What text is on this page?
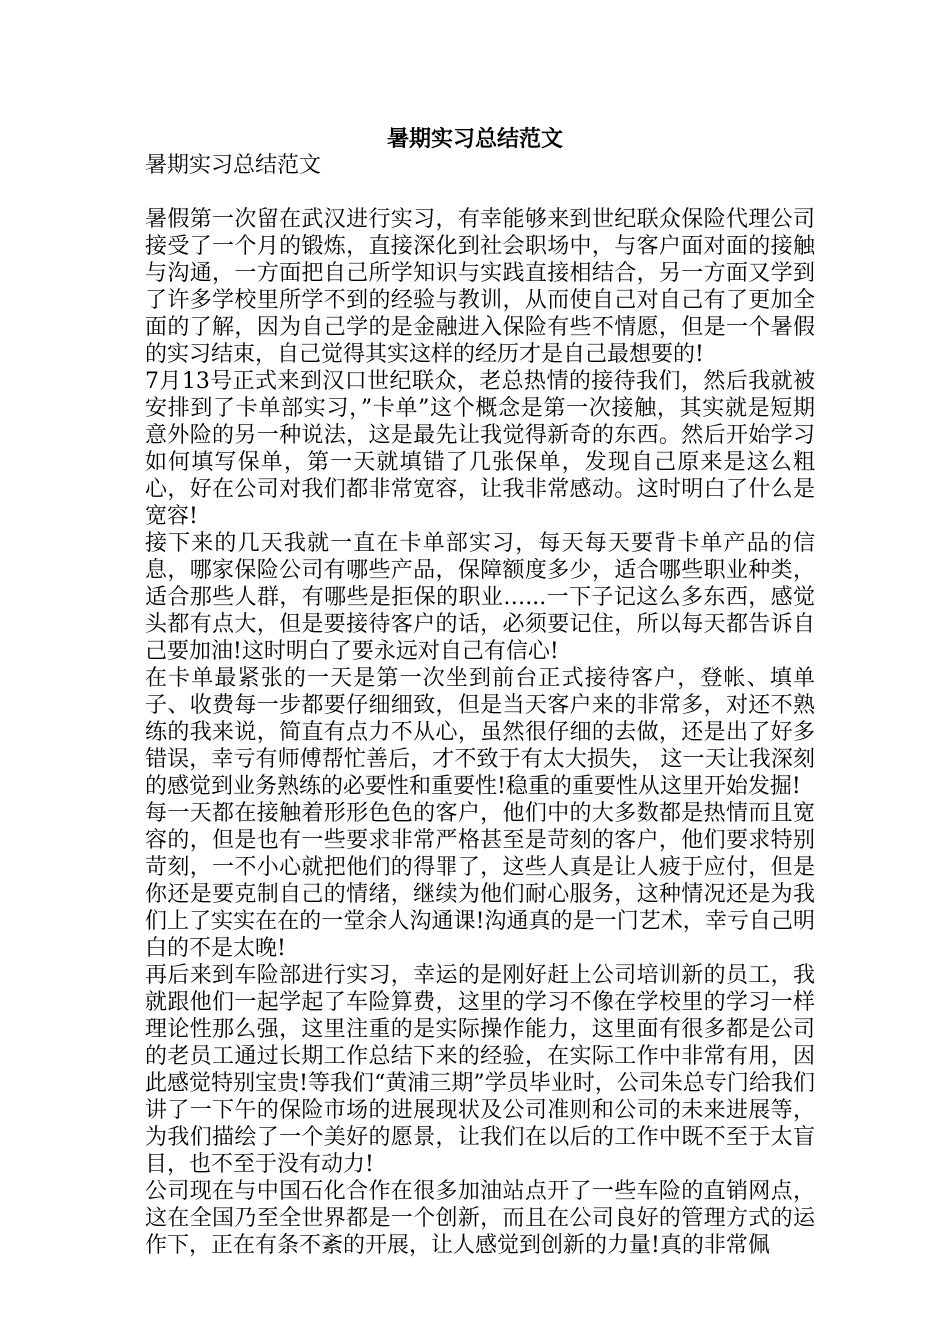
暑期实习总结范文

暑期实习总结范文

暑假第一次留在武汉进行实习，有幸能够来到世纪联众保险代理公司接受了一个月的锻炼，直接深化到社会职场中，与客户面对面的接触与沟通，一方面把自己所学知识与实践直接相结合，另一方面又学到了许多学校里所学不到的经验与教训，从而使自己对自己有了更加全面的了解，因为自己学的是金融进入保险有些不情愿，但是一个暑假的实习结束，自己觉得其实这样的经历才是自己最想要的!

7月13号正式来到汉口世纪联众，老总热情的接待我们，然后我就被安排到了卡单部实习，”卡单”这个概念是第一次接触，其实就是短期意外险的另一种说法，这是最先让我觉得新奇的东西。然后开始学习如何填写保单，第一天就填错了几张保单，发现自己原来是这么粗心，好在公司对我们都非常宽容，让我非常感动。这时明白了什么是宽容!

接下来的几天我就一直在卡单部实习，每天每天要背卡单产品的信息，哪家保险公司有哪些产品，保障额度多少，适合哪些职业种类，适合那些人群，有哪些是拒保的职业…...一下子记这么多东西，感觉头都有点大，但是要接待客户的话，必须要记住，所以每天都告诉自己要加油!这时明白了要永远对自己有信心!

在卡单最紧张的一天是第一次坐到前台正式接待客户，登帐、填单子、收费每一步都要仔细细致，但是当天客户来的非常多，对还不熟练的我来说，简直有点力不从心，虽然很仔细的去做，还是出了好多错误，幸亏有师傅帮忙善后，才不致于有太大损失， 这一天让我深刻的感觉到业务熟练的必要性和重要性!稳重的重要性从这里开始发掘!

每一天都在接触着形形色色的客户，他们中的大多数都是热情而且宽容的，但是也有一些要求非常严格甚至是苛刻的客户，他们要求特别苛刻，一不小心就把他们的得罪了，这些人真是让人疲于应付，但是你还是要克制自己的情绪，继续为他们耐心服务，这种情况还是为我们上了实实在在的一堂余人沟通课!沟通真的是一门艺术，幸亏自己明白的不是太晚!

再后来到车险部进行实习，幸运的是刚好赶上公司培训新的员工，我就跟他们一起学起了车险算费，这里的学习不像在学校里的学习一样理论性那么强，这里注重的是实际操作能力，这里面有很多都是公司的老员工通过长期工作总结下来的经验，在实际工作中非常有用，因此感觉特别宝贵!等我们“黄浦三期”学员毕业时，公司朱总专门给我们讲了一下午的保险市场的进展现状及公司准则和公司的未来进展等，为我们描绘了一个美好的愿景，让我们在以后的工作中既不至于太盲目，也不至于没有动力!

公司现在与中国石化合作在很多加油站点开了一些车险的直销网点，这在全国乃至全世界都是一个创新，而且在公司良好的管理方式的运作下，正在有条不紊的开展，让人感觉到创新的力量!真的非常佩
